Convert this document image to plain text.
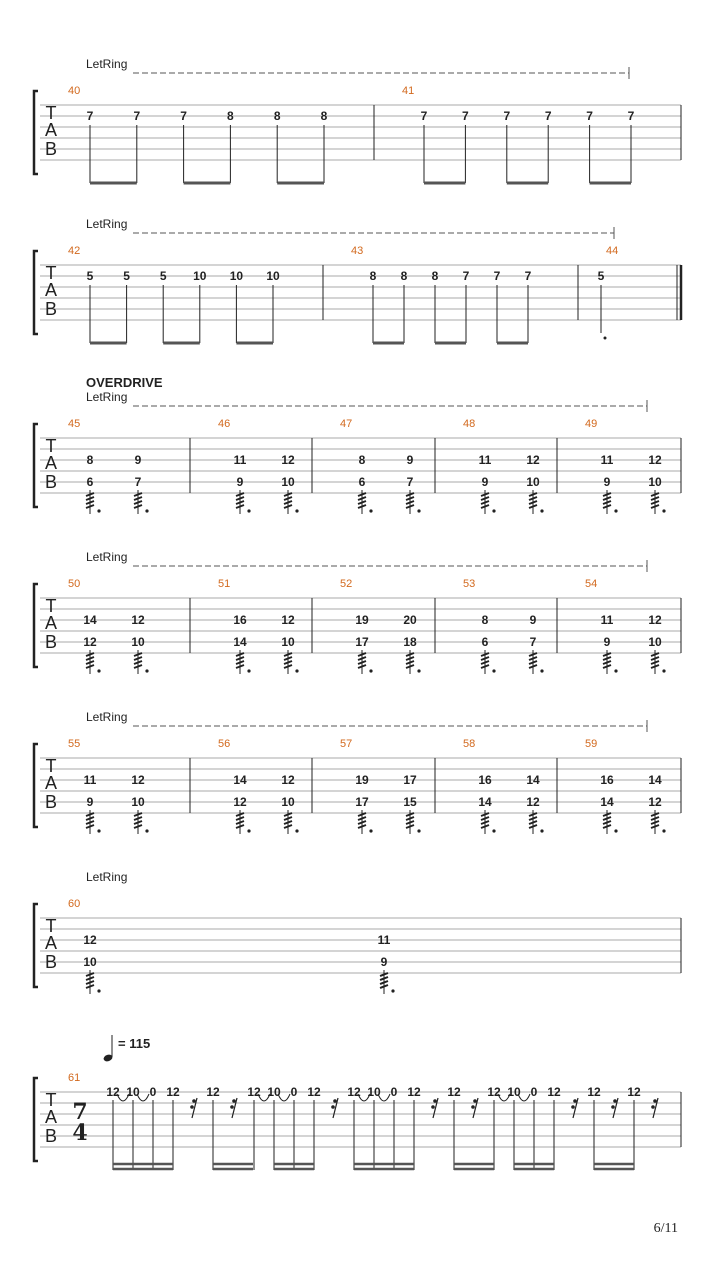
T
A
B
LetRing
40
7	7	7	8	8	8
41
7	7	7	7	7	7
T
A
B
LetRing
42
5 5 5 10 10 10
43
8 8 8 7 7 7
44
5
T
A
B
LetRing
OVERDRIVE
45
8
6
9
7
46
11
9
12
10
47
8
6
9
7
48
11
9
12
10
49
11
9
12
10
T
A
B
LetRing
50
14
12
12
10
51
16
14
12
10
52
19
17
20
18
53
8
6
9
7
54
11
9
12
10
T
A
B
LetRing
55
11
9
12
10
56
14
12
12
10
57
19
17
17
15
58
16
14
14
12
59
16
14
14
12
T
A
B
LetRing
60
12
10
11
9
T
A
B
61
= 115
7
4
12 10 0 12 12 12 10 0 12 12 10 0 12 12 12 10 0 12 12 12
6/11
